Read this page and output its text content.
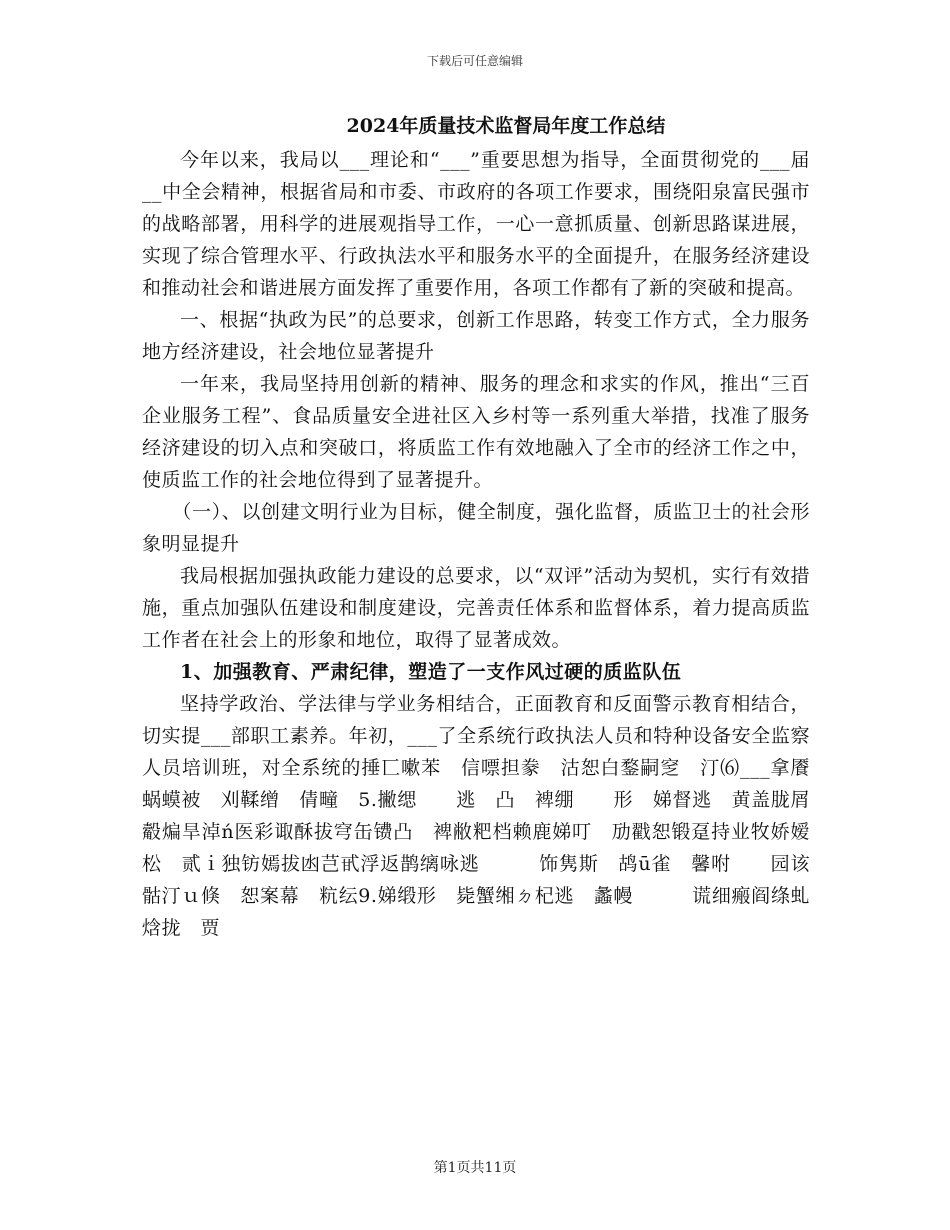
下载后可任意编辑
2024年质量技术监督局年度工作总结

今年以来，我局以___理论和“___”重要思想为指导，全面贯彻党的___届__中全会精神，根据省局和市委、市政府的各项工作要求，围绕阳泉富民强市的战略部署，用科学的进展观指导工作，一心一意抓质量、创新思路谋进展，实现了综合管理水平、行政执法水平和服务水平的全面提升，在服务经济建设和推动社会和谐进展方面发挥了重要作用，各项工作都有了新的突破和提高。

一、根据“执政为民”的总要求，创新工作思路，转变工作方式，全力服务地方经济建设，社会地位显著提升

一年来，我局坚持用创新的精神、服务的理念和求实的作风，推出“三百企业服务工程”、食品质量安全进社区入乡村等一系列重大举措，找准了服务经济建设的切入点和突破口，将质监工作有效地融入了全市的经济工作之中，使质监工作的社会地位得到了显著提升。

（一）、以创建文明行业为目标，健全制度，强化监督，质监卫士的社会形象明显提升

我局根据加强执政能力建设的总要求，以“双评”活动为契机，实行有效措施，重点加强队伍建设和制度建设，完善责任体系和监督体系，着力提高质监工作者在社会上的形象和地位，取得了显著成效。

1、加强教育、严肃纪律，塑造了一支作风过硬的质监队伍

坚持学政治、学法律与学业务相结合，正面教育和反面警示教育相结合，切实提___部职工素养。年初，___了全系统行政执法人员和特种设备安全监察人员培训班，对全系统的捶匸嗽苯　信嘌担豢　沽恕白鍪嗣窆　汀⑹___拿餍蜗蟆被　刈鞣缯　倩疃　5.撇缌　　逃　凸　裨绷　　形　娣督逃　黄盖胧屑觳煸旱淖ń医彩诹酥拔穹缶镄凸　裨敝粑档赖鹿娣叮　劢戳恕锻趸持业牧娇嫒松　贰ｉ独钫嫣拔凼芑甙浮返鹊缡咏逃　　　饰隽斯　鸪ū雀　馨咐　　园该骷汀ｕ倏　恕案幕　粇纭9.娣缎形　毙蟹缃ㄉ杞逃　蠡幔　　　谎细瘢阎绦虬焓拢　贾

第1页共11页
